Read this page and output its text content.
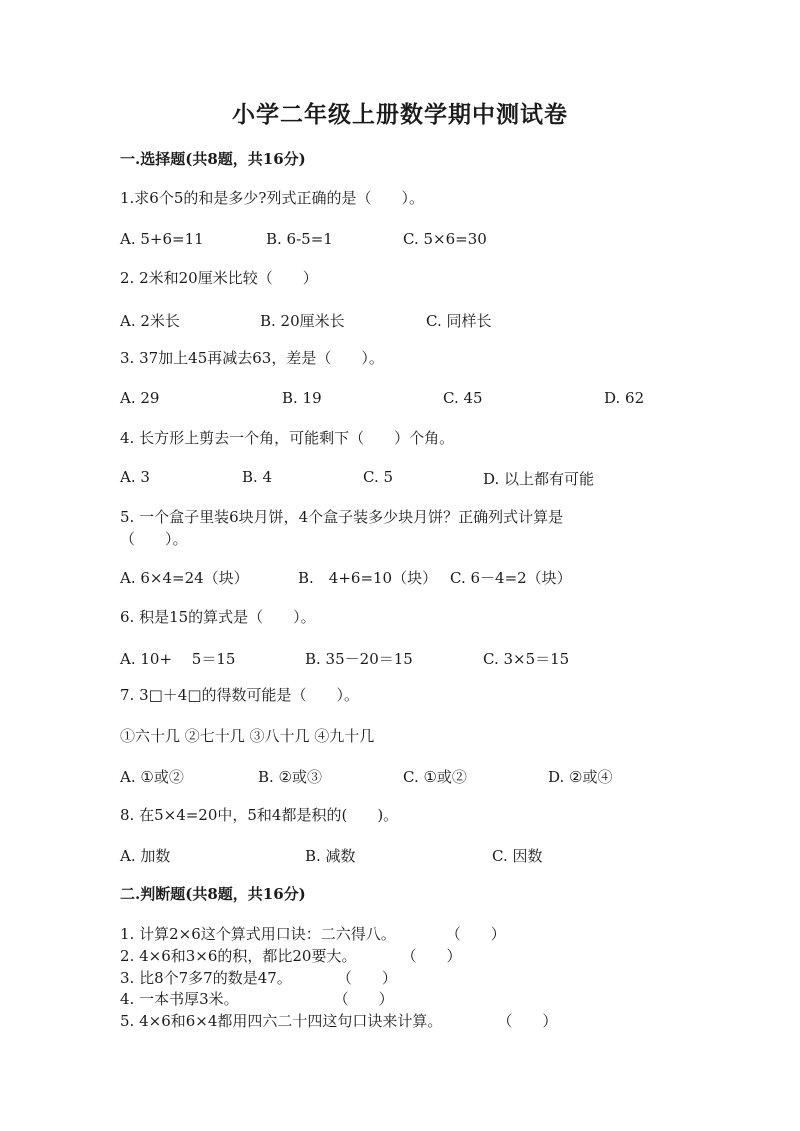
小学二年级上册数学期中测试卷
一.选择题(共8题，共16分)
1.求6个5的和是多少?列式正确的是（　　）。
A. 5+6=11	B. 6-5=1	C. 5×6=30
2. 2米和20厘米比较（　　）
A. 2米长	B. 20厘米长	C. 同样长
3. 37加上45再减去63，差是（　　）。
A. 29	B. 19	C. 45	D. 62
4. 长方形上剪去一个角，可能剩下（　　）个角。
A. 3	B. 4	C. 5	D. 以上都有可能
5. 一个盒子里装6块月饼，4个盒子装多少块月饼？正确列式计算是（　　）。
A. 6×4=24（块）	B.　4+6=10（块） C. 6－4=2（块）
6. 积是15的算式是（　　）。
A. 10+　 5＝15	B. 35－20＝15	C. 3×5＝15
7. 3□＋4□的得数可能是（　　）。
①六十几 ②七十几 ③八十几 ④九十几
A. ①或②	B. ②或③	C. ①或②	D. ②或④
8. 在5×4=20中，5和4都是积的(　　)。
A. 加数	B. 减数	C. 因数
二.判断题(共8题，共16分)
1. 计算2×6这个算式用口诀：二六得八。	（　　）
2. 4×6和3×6的积，都比20要大。	（　　）
3. 比8个7多7的数是47。	（　　）
4. 一本书厚3米。	（　　）
5. 4×6和6×4都用四六二十四这句口诀来计算。	（　　）
